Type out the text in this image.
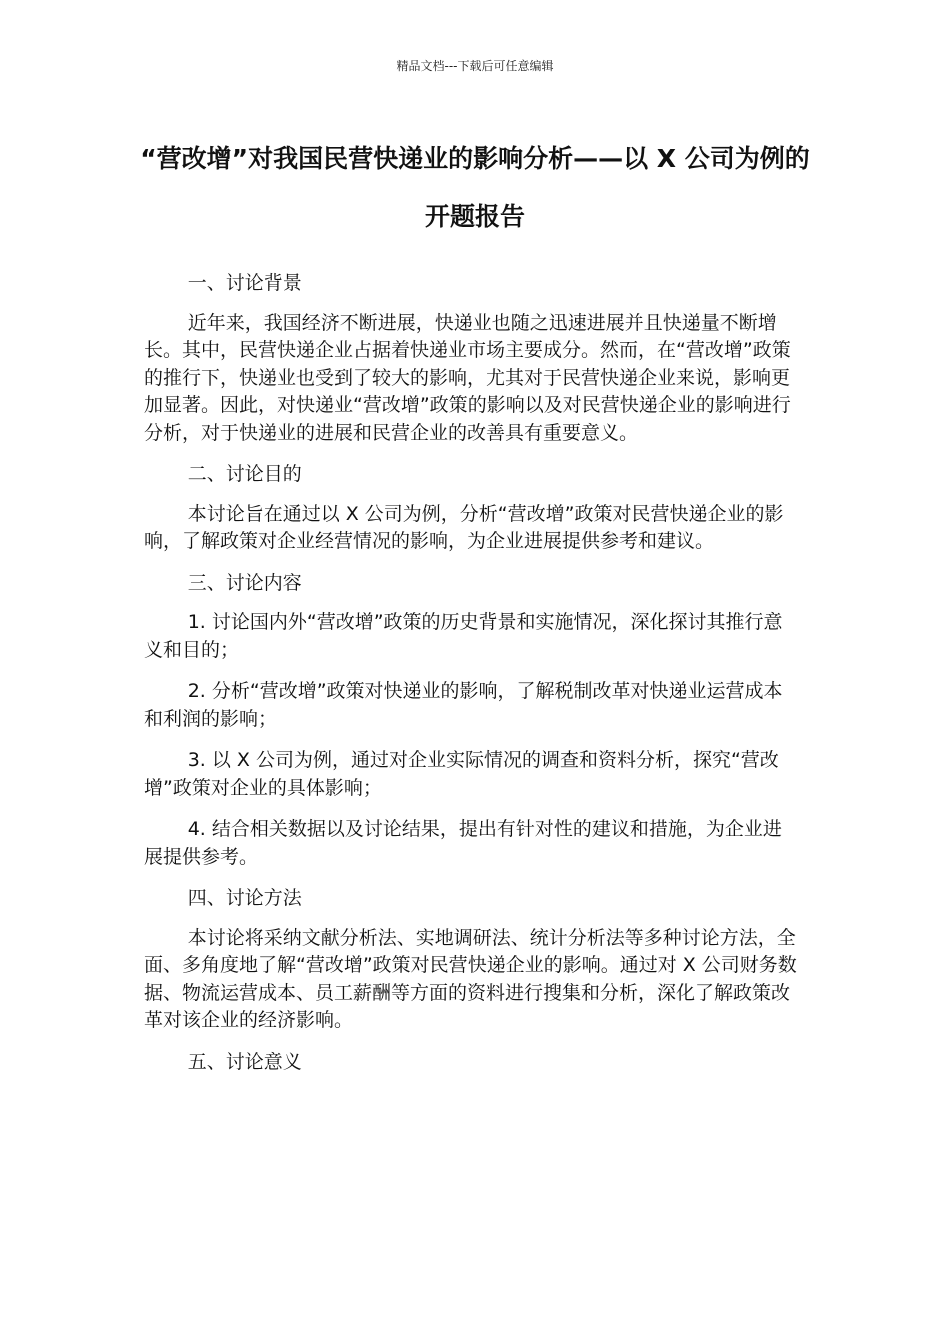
精品文档---下载后可任意编辑
“营改增”对我国民营快递业的影响分析——以 X 公司为例的开题报告

一、讨论背景

近年来，我国经济不断进展，快递业也随之迅速进展并且快递量不断增长。其中，民营快递企业占据着快递业市场主要成分。然而，在“营改增”政策的推行下，快递业也受到了较大的影响，尤其对于民营快递企业来说，影响更加显著。因此，对快递业“营改增”政策的影响以及对民营快递企业的影响进行分析，对于快递业的进展和民营企业的改善具有重要意义。

二、讨论目的

本讨论旨在通过以 X 公司为例，分析“营改增”政策对民营快递企业的影响，了解政策对企业经营情况的影响，为企业进展提供参考和建议。

三、讨论内容

1. 讨论国内外“营改增”政策的历史背景和实施情况，深化探讨其推行意义和目的；

2. 分析“营改增”政策对快递业的影响，了解税制改革对快递业运营成本和利润的影响；

3. 以 X 公司为例，通过对企业实际情况的调查和资料分析，探究“营改增”政策对企业的具体影响；

4. 结合相关数据以及讨论结果，提出有针对性的建议和措施，为企业进展提供参考。

四、讨论方法

本讨论将采纳文献分析法、实地调研法、统计分析法等多种讨论方法，全面、多角度地了解“营改增”政策对民营快递企业的影响。通过对 X 公司财务数据、物流运营成本、员工薪酬等方面的资料进行搜集和分析，深化了解政策改革对该企业的经济影响。

五、讨论意义
